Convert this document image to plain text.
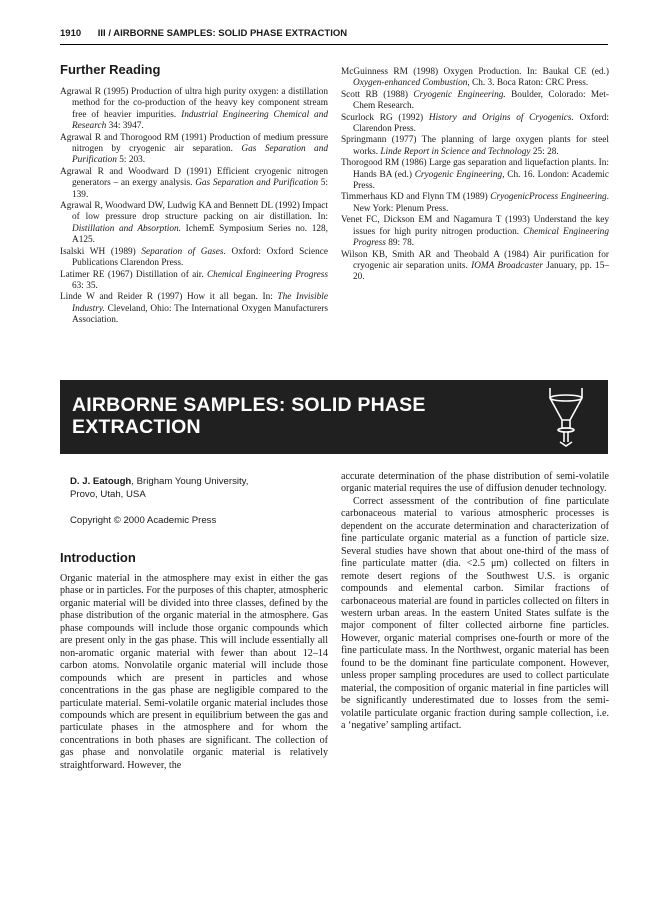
1910 III / AIRBORNE SAMPLES: SOLID PHASE EXTRACTION
Further Reading

Agrawal R (1995) Production of ultra high purity oxygen: a distillation method for the co-production of the heavy key component stream free of heavier impurities. Industrial Engineering Chemical and Research 34: 3947.

Agrawal R and Thorogood RM (1991) Production of medium pressure nitrogen by cryogenic air separation. Gas Separation and Purification 5: 203.

Agrawal R and Woodward D (1991) Efficient cryogenic nitrogen generators – an exergy analysis. Gas Separation and Purification 5: 139.

Agrawal R, Woodward DW, Ludwig KA and Bennett DL (1992) Impact of low pressure drop structure packing on air distillation. In: Distillation and Absorption. IchemE Symposium Series no. 128, A125.

Isalski WH (1989) Separation of Gases. Oxford: Oxford Science Publications Clarendon Press.

Latimer RE (1967) Distillation of air. Chemical Engineering Progress 63: 35.

Linde W and Reider R (1997) How it all began. In: The Invisible Industry. Cleveland, Ohio: The International Oxygen Manufacturers Association.

McGuinness RM (1998) Oxygen Production. In: Baukal CE (ed.) Oxygen-enhanced Combustion, Ch. 3. Boca Raton: CRC Press.

Scott RB (1988) Cryogenic Engineering. Boulder, Colorado: Met-Chem Research.

Scurlock RG (1992) History and Origins of Cryogenics. Oxford: Clarendon Press.

Springmann (1977) The planning of large oxygen plants for steel works. Linde Report in Science and Technology 25: 28.

Thorogood RM (1986) Large gas separation and liquefaction plants. In: Hands BA (ed.) Cryogenic Engineering, Ch. 16. London: Academic Press.

Timmerhaus KD and Flynn TM (1989) CryogenicProcess Engineering. New York: Plenum Press.

Venet FC, Dickson EM and Nagamura T (1993) Understand the key issues for high purity nitrogen production. Chemical Engineering Progress 89: 78.

Wilson KB, Smith AR and Theobald A (1984) Air purification for cryogenic air separation units. IOMA Broadcaster January, pp. 15–20.

AIRBORNE SAMPLES: SOLID PHASE EXTRACTION
D. J. Eatough, Brigham Young University,
Provo, Utah, USA
Copyright © 2000 Academic Press
Introduction

Organic material in the atmosphere may exist in either the gas phase or in particles. For the purposes of this chapter, atmospheric organic material will be divided into three classes, defined by the phase distribution of the organic material in the atmosphere. Gas phase compounds will include those organic compounds which are present only in the gas phase. This will include essentially all non-aromatic organic material with fewer than about 12–14 carbon atoms. Nonvolatile organic material will include those compounds which are present in particles and whose concentrations in the gas phase are negligible compared to the particulate material. Semi-volatile organic material includes those compounds which are present in equilibrium between the gas and particulate phases in the atmosphere and for whom the concentrations in both phases are significant. The collection of gas phase and nonvolatile organic material is relatively straightforward. However, the

accurate determination of the phase distribution of semi-volatile organic material requires the use of diffusion denuder technology.

Correct assessment of the contribution of fine particulate carbonaceous material to various atmospheric processes is dependent on the accurate determination and characterization of fine particulate organic material as a function of particle size. Several studies have shown that about one-third of the mass of fine particulate matter (dia. <2.5 μm) collected on filters in remote desert regions of the Southwest U.S. is organic compounds and elemental carbon. Similar fractions of carbonaceous material are found in particles collected on filters in western urban areas. In the eastern United States sulfate is the major component of filter collected airborne fine particles. However, organic material comprises one-fourth or more of the fine particulate mass. In the Northwest, organic material has been found to be the dominant fine particulate component. However, unless proper sampling procedures are used to collect particulate material, the composition of organic material in fine particles will be significantly underestimated due to losses from the semi-volatile particulate organic fraction during sample collection, i.e. a ‘negative’ sampling artifact.
